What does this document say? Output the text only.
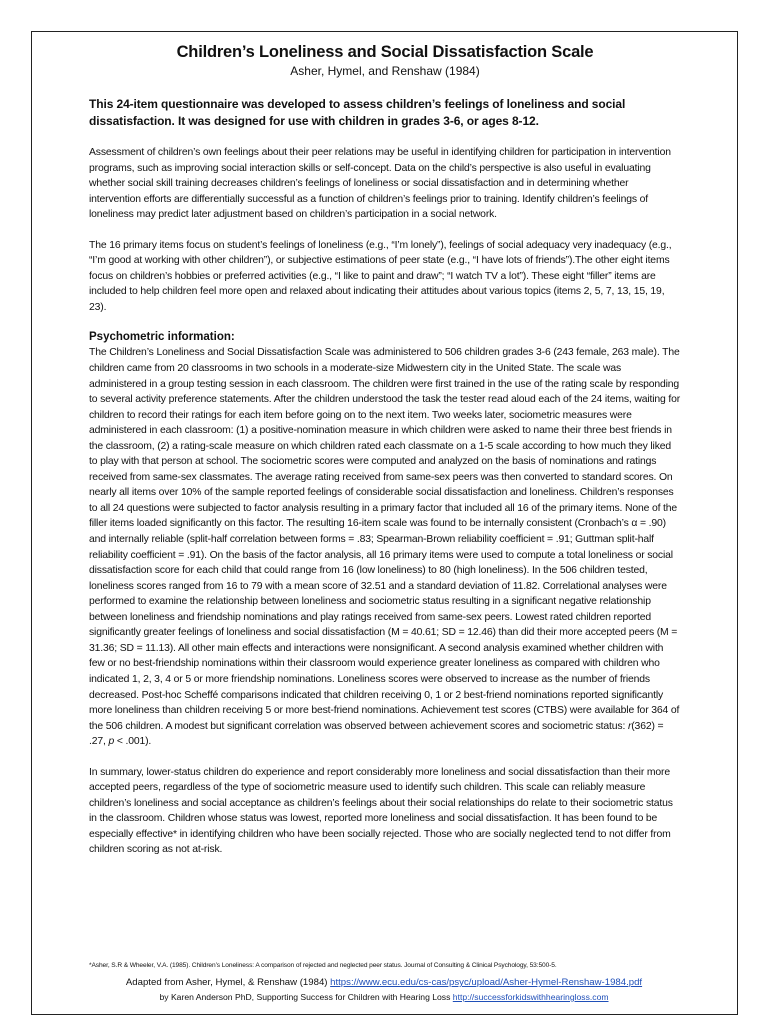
Children’s Loneliness and Social Dissatisfaction Scale

Asher, Hymel, and Renshaw (1984)

This 24-item questionnaire was developed to assess children’s feelings of loneliness and social dissatisfaction. It was designed for use with children in grades 3-6, or ages 8-12.

Assessment of children’s own feelings about their peer relations may be useful in identifying children for participation in intervention programs, such as improving social interaction skills or self-concept. Data on the child’s perspective is also useful in evaluating whether social skill training decreases children’s feelings of loneliness or social dissatisfaction and in determining whether intervention efforts are differentially successful as a function of children’s feelings prior to training. Identify children’s feelings of loneliness may predict later adjustment based on children’s participation in a social network.

The 16 primary items focus on student’s feelings of loneliness (e.g., “I’m lonely”), feelings of social adequacy very inadequacy (e.g., “I’m good at working with other children”), or subjective estimations of peer state (e.g., “I have lots of friends”).The other eight items focus on children’s hobbies or preferred activities (e.g., “I like to paint and draw”; “I watch TV a lot”). These eight “filler” items are included to help children feel more open and relaxed about indicating their attitudes about various topics (items 2, 5, 7, 13, 15, 19, 23).

Psychometric information:

The Children’s Loneliness and Social Dissatisfaction Scale was administered to 506 children grades 3-6 (243 female, 263 male). The children came from 20 classrooms in two schools in a moderate-size Midwestern city in the United State. The scale was administered in a group testing session in each classroom. The children were first trained in the use of the rating scale by responding to several activity preference statements. After the children understood the task the tester read aloud each of the 24 items, waiting for children to record their ratings for each item before going on to the next item. Two weeks later, sociometric measures were administered in each classroom: (1) a positive-nomination measure in which children were asked to name their three best friends in the classroom, (2) a rating-scale measure on which children rated each classmate on a 1-5 scale according to how much they liked to play with that person at school. The sociometric scores were computed and analyzed on the basis of nominations and ratings received from same-sex classmates. The average rating received from same-sex peers was then converted to standard scores. On nearly all items over 10% of the sample reported feelings of considerable social dissatisfaction and loneliness. Children’s responses to all 24 questions were subjected to factor analysis resulting in a primary factor that included all 16 of the primary items. None of the filler items loaded significantly on this factor. The resulting 16-item scale was found to be internally consistent (Cronbach’s α = .90) and internally reliable (split-half correlation between forms = .83; Spearman-Brown reliability coefficient = .91; Guttman split-half reliability coefficient = .91). On the basis of the factor analysis, all 16 primary items were used to compute a total loneliness or social dissatisfaction score for each child that could range from 16 (low loneliness) to 80 (high loneliness). In the 506 children tested, loneliness scores ranged from 16 to 79 with a mean score of 32.51 and a standard deviation of 11.82. Correlational analyses were performed to examine the relationship between loneliness and sociometric status resulting in a significant negative relationship between loneliness and friendship nominations and play ratings received from same-sex peers. Lowest rated children reported significantly greater feelings of loneliness and social dissatisfaction (M = 40.61; SD = 12.46) than did their more accepted peers (M = 31.36; SD = 11.13). All other main effects and interactions were nonsignificant. A second analysis examined whether children with few or no best-friendship nominations within their classroom would experience greater loneliness as compared with children who indicated 1, 2, 3, 4 or 5 or more friendship nominations. Loneliness scores were observed to increase as the number of friends decreased. Post-hoc Scheffé comparisons indicated that children receiving 0, 1 or 2 best-friend nominations reported significantly more loneliness than children receiving 5 or more best-friend nominations. Achievement test scores (CTBS) were available for 364 of the 506 children. A modest but significant correlation was observed between achievement scores and sociometric status: r(362) = .27, p < .001).

In summary, lower-status children do experience and report considerably more loneliness and social dissatisfaction than their more accepted peers, regardless of the type of sociometric measure used to identify such children. This scale can reliably measure children’s loneliness and social acceptance as children’s feelings about their social relationships do relate to their sociometric status in the classroom. Children whose status was lowest, reported more loneliness and social dissatisfaction. It has been found to be especially effective* in identifying children who have been socially rejected. Those who are socially neglected tend to not differ from children scoring as not at-risk.

*Asher, S.R & Wheeler, V.A. (1985). Children’s Loneliness: A comparison of rejected and neglected peer status. Journal of Consulting & Clinical Psychology, 53:500-5.
Adapted from Asher, Hymel, & Renshaw (1984) https://www.ecu.edu/cs-cas/psyc/upload/Asher-Hymel-Renshaw-1984.pdf
by Karen Anderson PhD, Supporting Success for Children with Hearing Loss http://successforkidswithhearingloss.com
